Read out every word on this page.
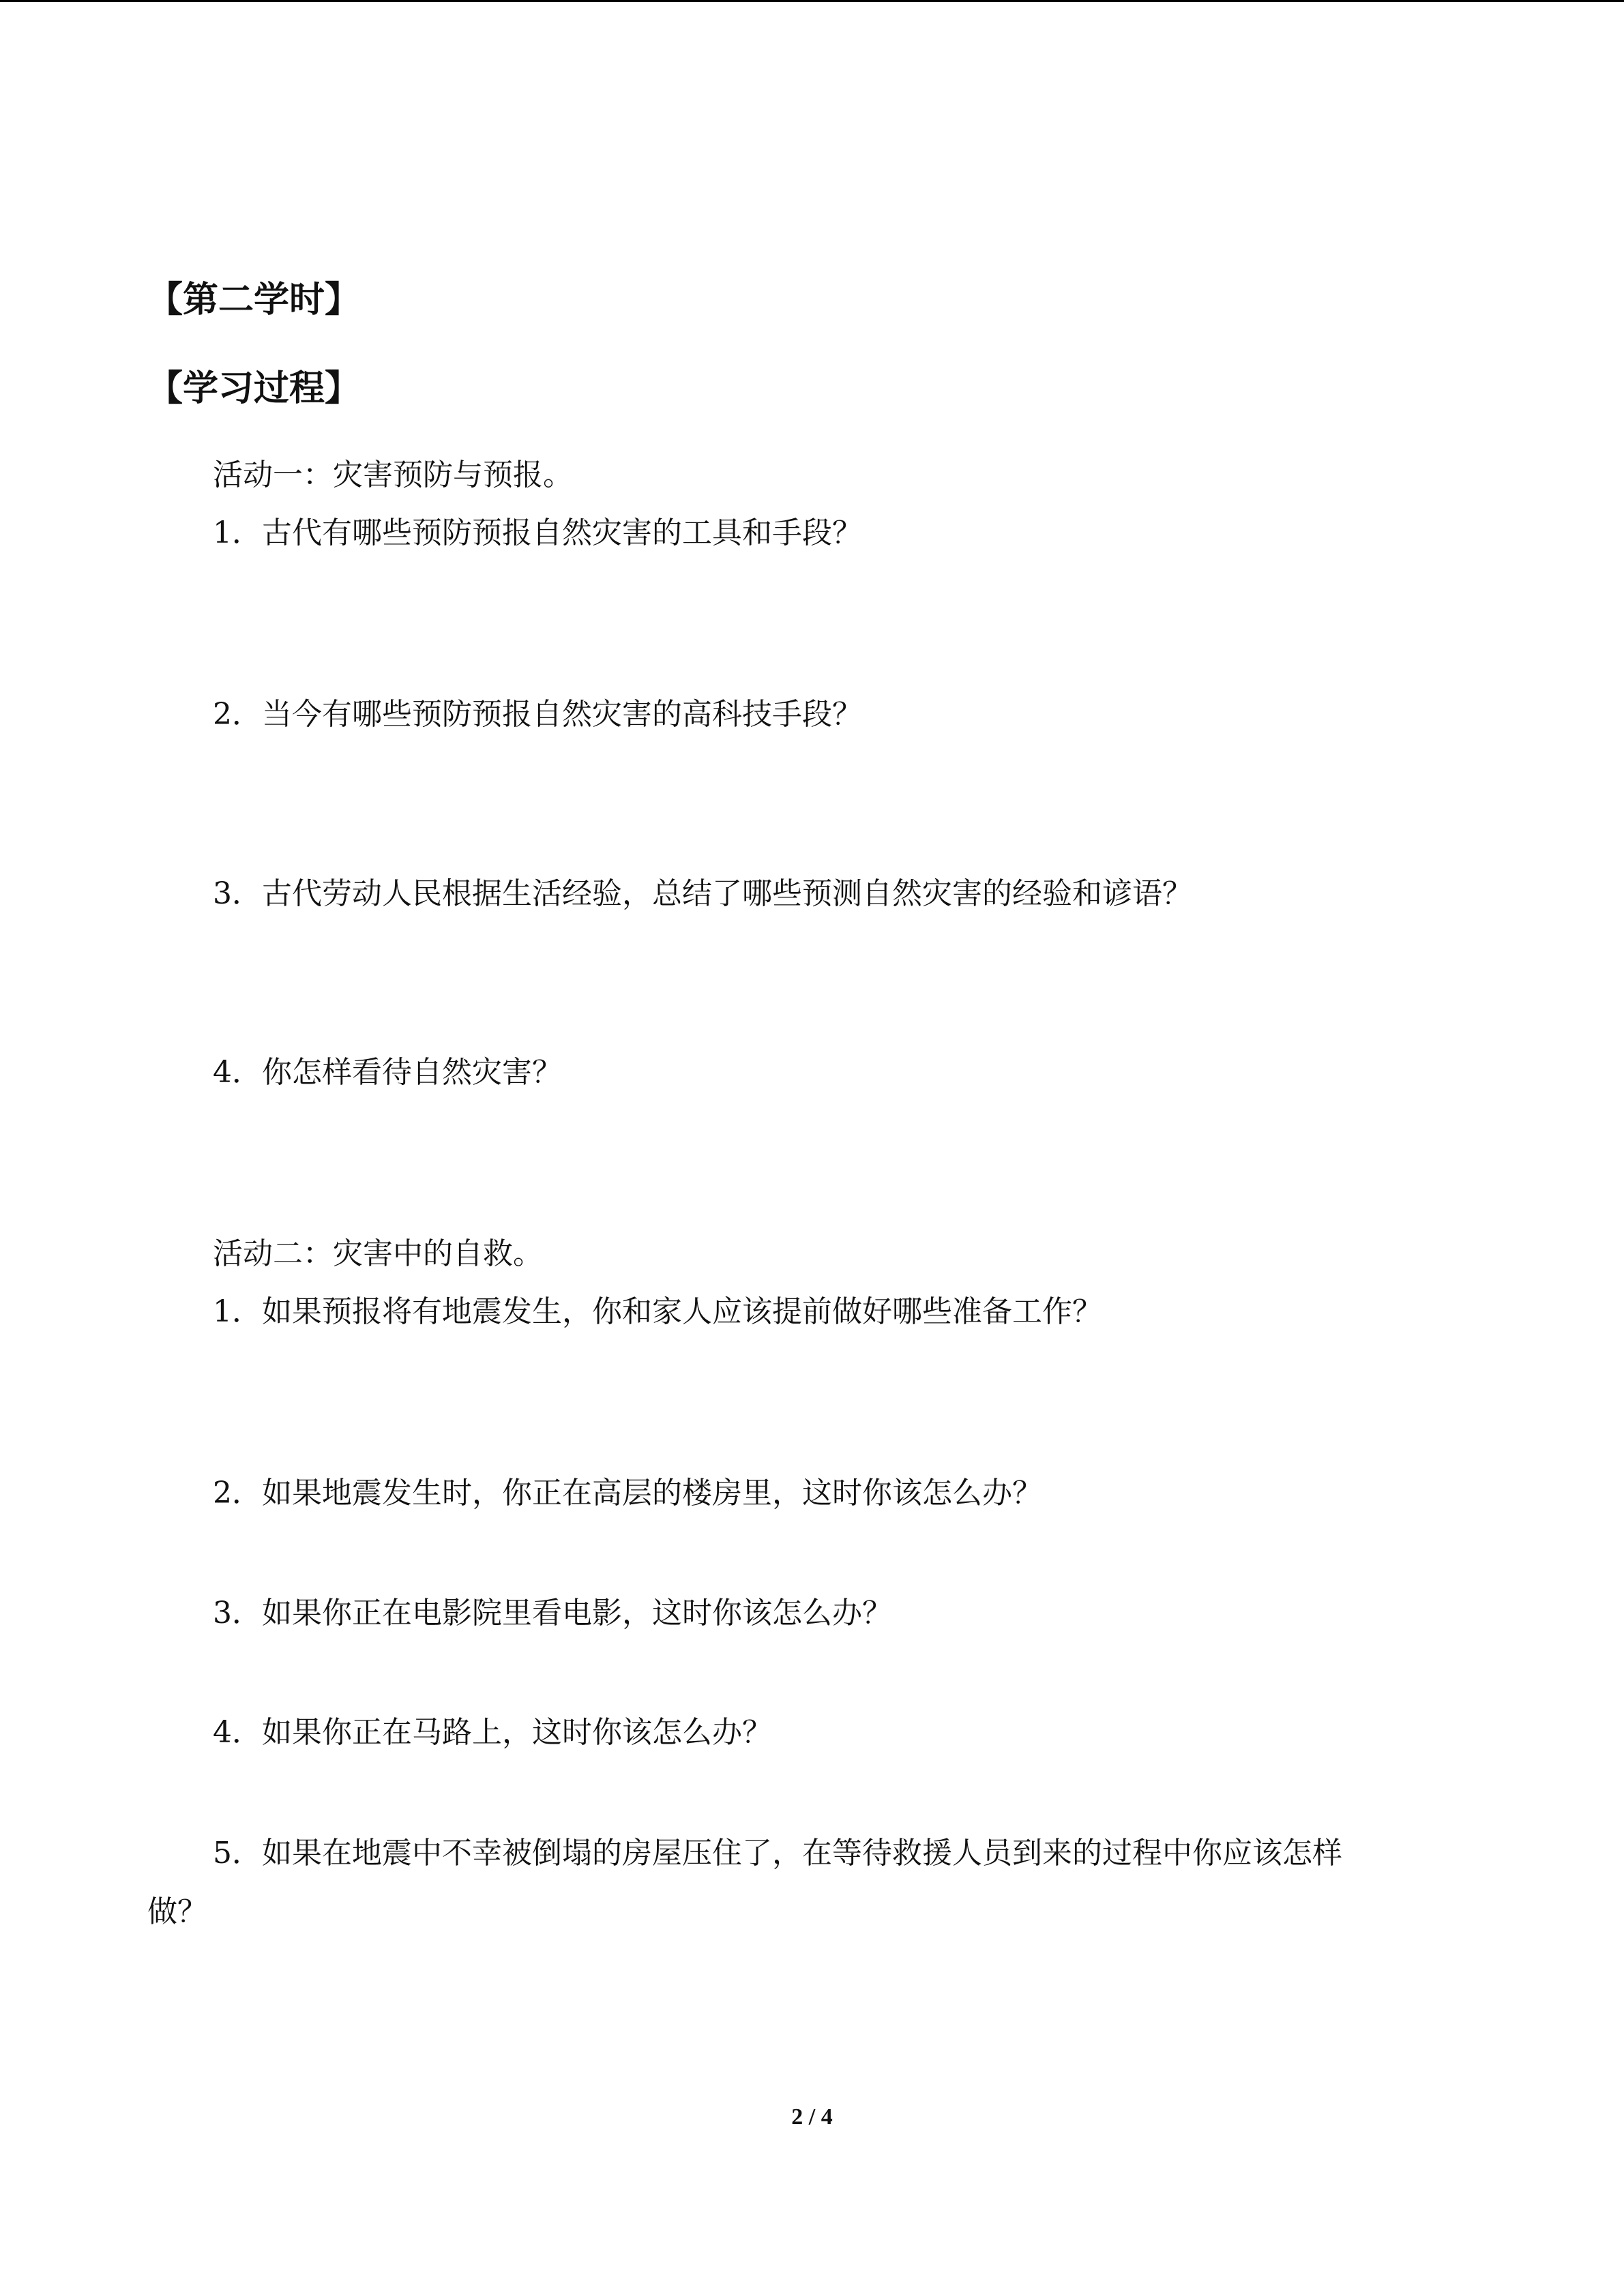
【第二学时】
【学习过程】

活动一：灾害预防与预报。

1．古代有哪些预防预报自然灾害的工具和手段？

2．当今有哪些预防预报自然灾害的高科技手段？

3．古代劳动人民根据生活经验，总结了哪些预测自然灾害的经验和谚语？

4．你怎样看待自然灾害？

活动二：灾害中的自救。

1．如果预报将有地震发生，你和家人应该提前做好哪些准备工作？

2．如果地震发生时，你正在高层的楼房里，这时你该怎么办？

3．如果你正在电影院里看电影，这时你该怎么办？

4．如果你正在马路上，这时你该怎么办？

5．如果在地震中不幸被倒塌的房屋压住了，在等待救援人员到来的过程中你应该怎样

做？

2 / 4
